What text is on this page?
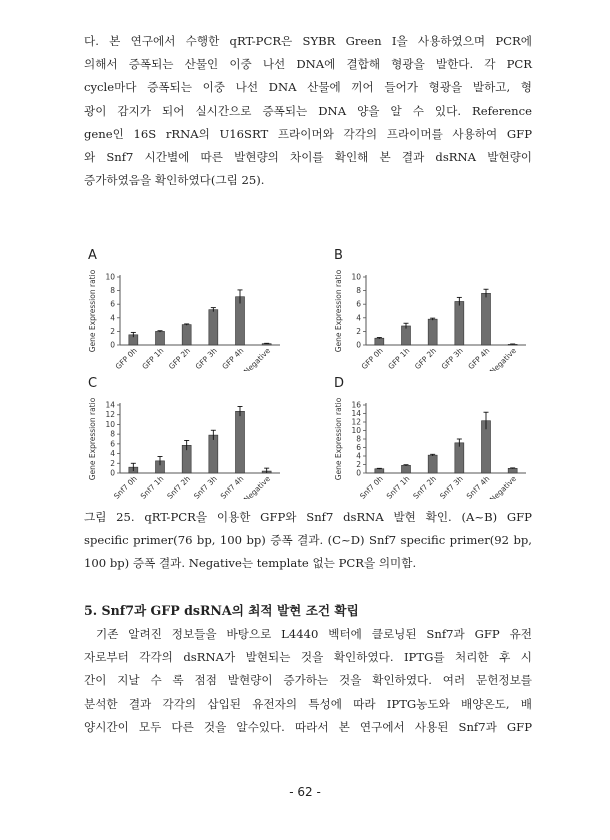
다. 본 연구에서 수행한 qRT-PCR은 SYBR Green I을 사용하였으며 PCR에
의해서 증폭되는 산물인 이중 나선 DNA에 결합해 형광을 발한다. 각 PCR
cycle마다 증폭되는 이중 나선 DNA 산물에 끼어 들어가 형광을 발하고, 형
광이 감지가 되어 실시간으로 증폭되는 DNA 양을 알 수 있다. Reference
gene인 16S rRNA의 U16SRT 프라이머와 각각의 프라이머를 사용하여 GFP
와 Snf7 시간별에 따른 발현량의 차이를 확인해 본 결과 dsRNA 발현량이
증가하였음을 확인하였다(그림 25).
A
Gene Expression ratio 0
2
4
6
8
10
GFP 0h GFP 1h GFP 2h GFP 3h GFP 4h
Negative
B
Gene Expression ratio 0
2
4
6
8
10
GFP 0h GFP 1h GFP 2h GFP 3h GFP 4h
Negative
C
Gene Expression ratio 0
2
4
6
8
10
12
14
Snf7 0h Snf7 1h Snf7 2h Snf7 3h Snf7 4h
Negative
D
Gene Expression ratio 0
2
4
6
8
10
12
14
16
Snf7 0h Snf7 1h Snf7 2h Snf7 3h Snf7 4h
Negative
그림 25. qRT-PCR을 이용한 GFP와 Snf7 dsRNA 발현 확인. (A~B) GFP
specific primer(76 bp, 100 bp) 증폭 결과. (C~D) Snf7 specific primer(92 bp,
100 bp) 증폭 결과. Negative는 template 없는 PCR을 의미함.
5. Snf7과 GFP dsRNA의 최적 발현 조건 확립
기존 알려진 정보들을 바탕으로 L4440 벡터에 클로닝된 Snf7과 GFP 유전
자로부터 각각의 dsRNA가 발현되는 것을 확인하였다. IPTG를 처리한 후 시
간이 지날 수 록 점점 발현량이 증가하는 것을 확인하였다. 여러 문헌정보를
분석한 결과 각각의 삽입된 유전자의 특성에 따라 IPTG농도와 배양온도, 배
양시간이 모두 다른 것을 알수있다. 따라서 본 연구에서 사용된 Snf7과 GFP
- 62 -
